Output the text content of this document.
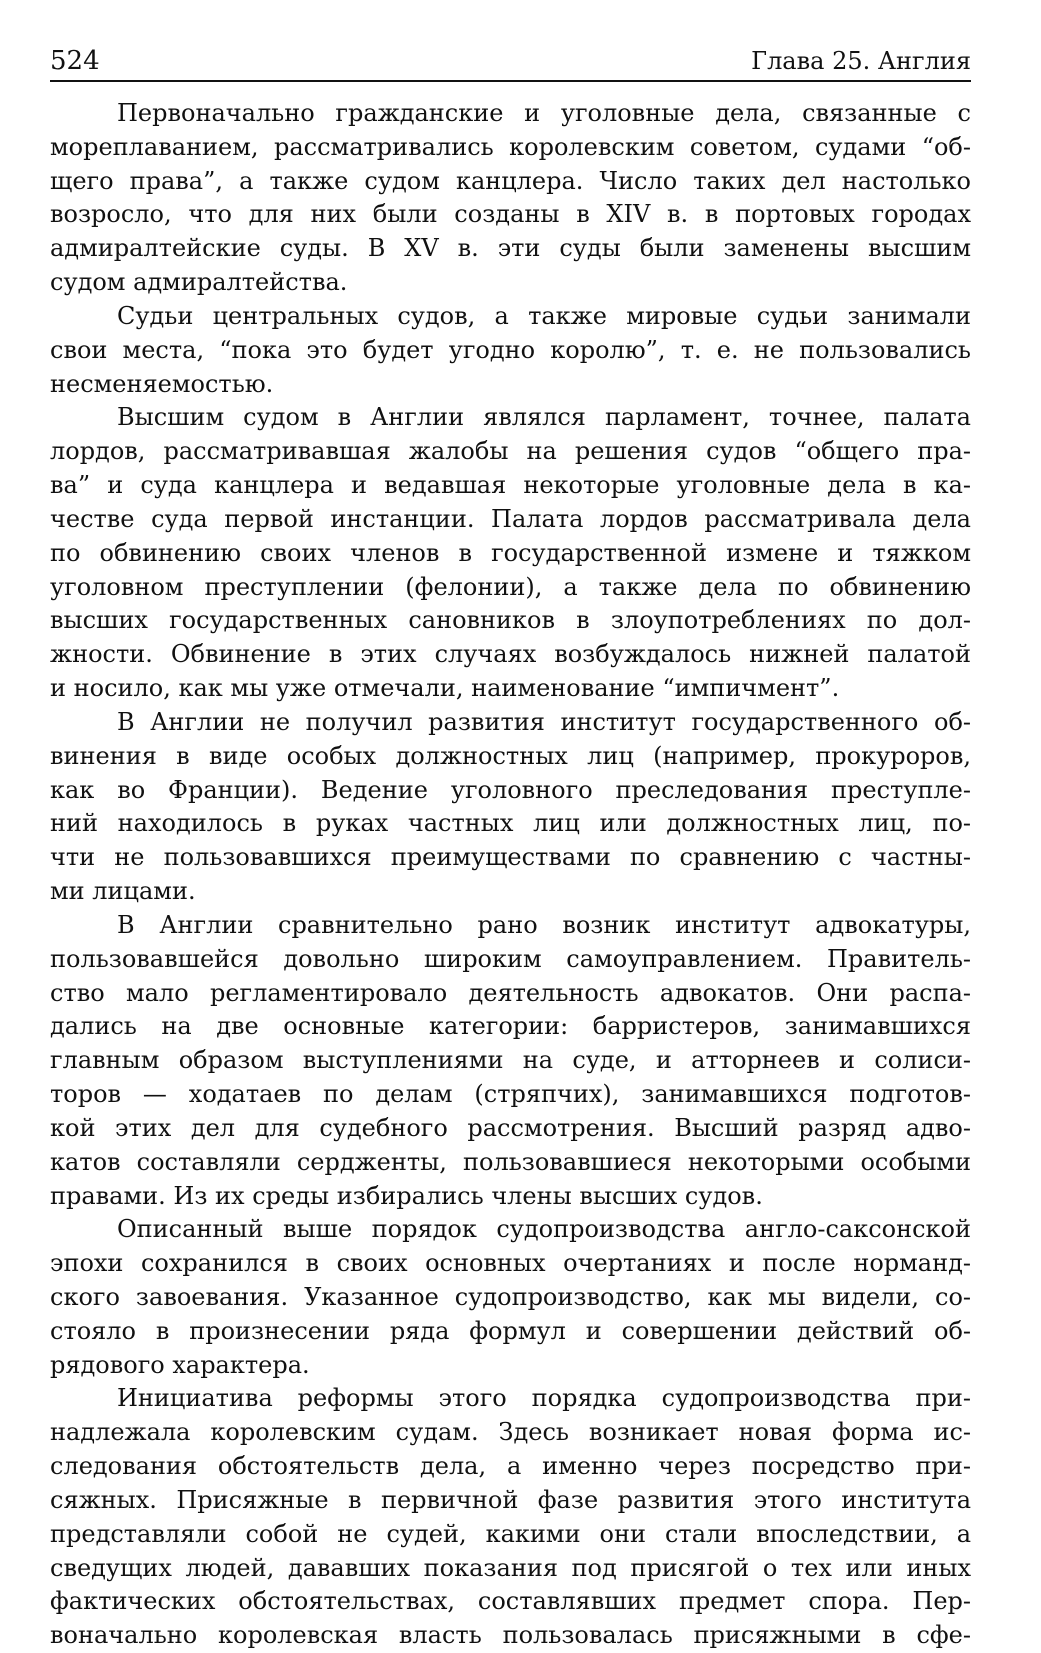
524	Глава 25. Англия
Первоначально гражданские и уголовные дела, связанные с
мореплаванием, рассматривались королевским советом, судами “об-
щего права”, а также судом канцлера. Число таких дел настолько
возросло, что для них были созданы в XIV в. в портовых городах
адмиралтейские суды. В XV в. эти суды были заменены высшим
судом адмиралтейства.
Судьи центральных судов, а также мировые судьи занимали
свои места, “пока это будет угодно королю”, т. е. не пользовались
несменяемостью.
Высшим судом в Англии являлся парламент, точнее, палата
лордов, рассматривавшая жалобы на решения судов “общего пра-
ва” и суда канцлера и ведавшая некоторые уголовные дела в ка-
честве суда первой инстанции. Палата лордов рассматривала дела
по обвинению своих членов в государственной измене и тяжком
уголовном преступлении (фелонии), а также дела по обвинению
высших государственных сановников в злоупотреблениях по дол-
жности. Обвинение в этих случаях возбуждалось нижней палатой
и носило, как мы уже отмечали, наименование “импичмент”.
В Англии не получил развития институт государственного об-
винения в виде особых должностных лиц (например, прокуроров,
как во Франции). Ведение уголовного преследования преступле-
ний находилось в руках частных лиц или должностных лиц, по-
чти не пользовавшихся преимуществами по сравнению с частны-
ми лицами.
В Англии сравнительно рано возник институт адвокатуры,
пользовавшейся довольно широким самоуправлением. Правитель-
ство мало регламентировало деятельность адвокатов. Они распа-
дались на две основные категории: барристеров, занимавшихся
главным образом выступлениями на суде, и атторнеев и солиси-
торов — ходатаев по делам (стряпчих), занимавшихся подготов-
кой этих дел для судебного рассмотрения. Высший разряд адво-
катов составляли сердженты, пользовавшиеся некоторыми особыми
правами. Из их среды избирались члены высших судов.
Описанный выше порядок судопроизводства англо-саксонской
эпохи сохранился в своих основных очертаниях и после норманд-
ского завоевания. Указанное судопроизводство, как мы видели, со-
стояло в произнесении ряда формул и совершении действий об-
рядового характера.
Инициатива реформы этого порядка судопроизводства при-
надлежала королевским судам. Здесь возникает новая форма ис-
следования обстоятельств дела, а именно через посредство при-
сяжных. Присяжные в первичной фазе развития этого института
представляли собой не судей, какими они стали впоследствии, а
сведущих людей, дававших показания под присягой о тех или иных
фактических обстоятельствах, составлявших предмет спора. Пер-
воначально королевская власть пользовалась присяжными в сфе-
